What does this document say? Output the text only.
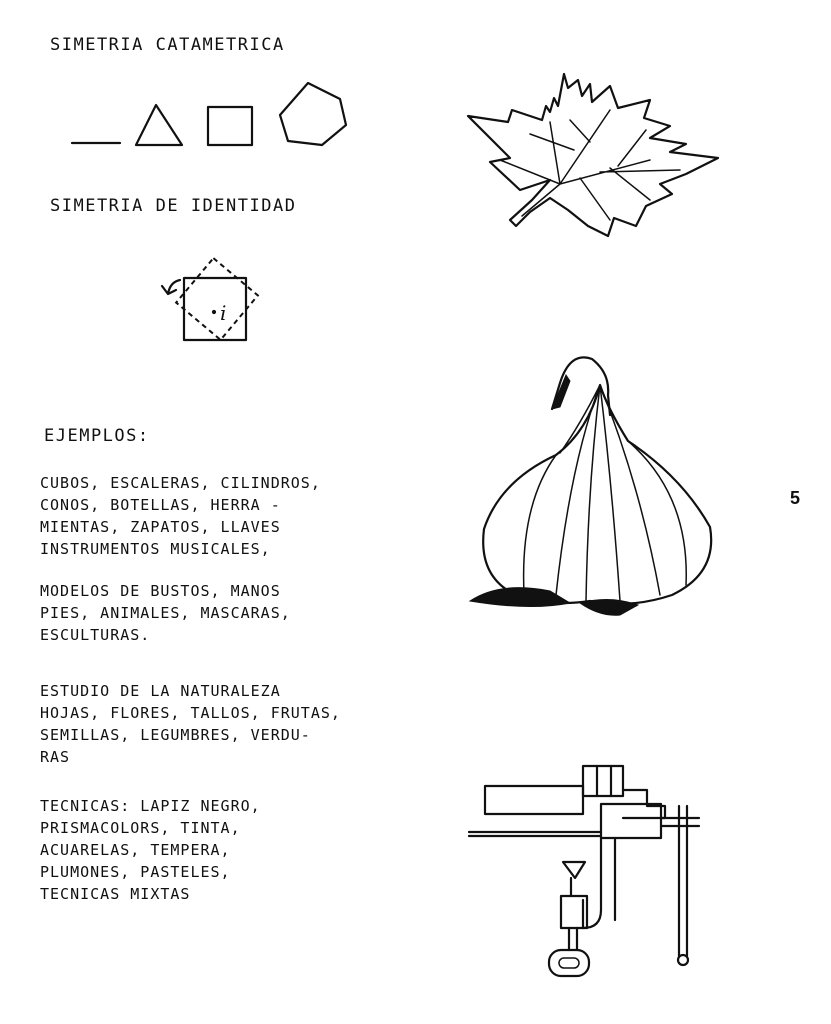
SIMETRIA CATAMETRICA
SIMETRIA DE IDENTIDAD
i
EJEMPLOS:
CUBOS, ESCALERAS, CILINDROS,
CONOS, BOTELLAS, HERRA -
MIENTAS, ZAPATOS, LLAVES
INSTRUMENTOS MUSICALES,
MODELOS DE BUSTOS, MANOS
PIES, ANIMALES, MASCARAS,
ESCULTURAS.
ESTUDIO DE LA NATURALEZA
HOJAS, FLORES, TALLOS, FRUTAS,
SEMILLAS, LEGUMBRES, VERDU-
RAS
TECNICAS: LAPIZ NEGRO,
PRISMACOLORS, TINTA,
ACUARELAS, TEMPERA,
PLUMONES, PASTELES,
TECNICAS MIXTAS
5
